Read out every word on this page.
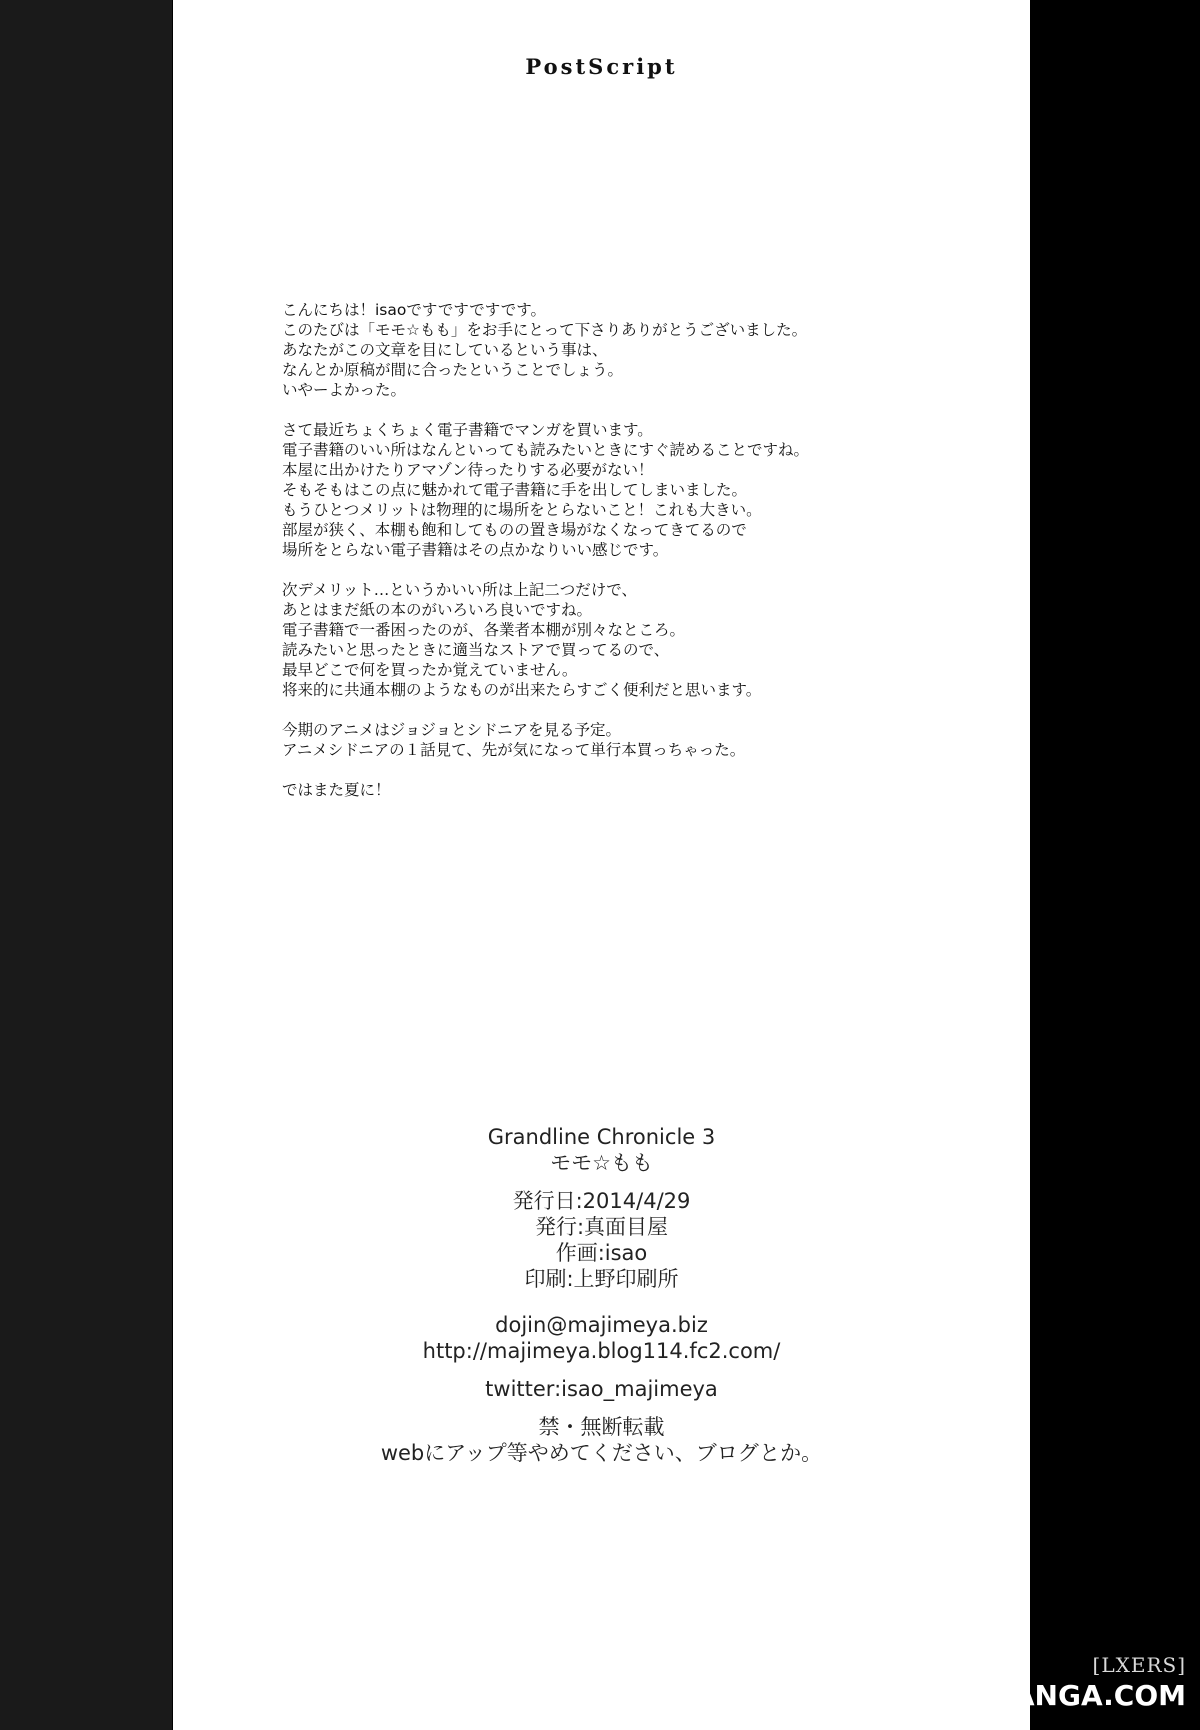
PostScript

こんにちは！isaoですですですです。
このたびは「モモ☆もも」をお手にとって下さりありがとうございました。
あなたがこの文章を目にしているという事は、
なんとか原稿が間に合ったということでしょう。
いやーよかった。

さて最近ちょくちょく電子書籍でマンガを買います。
電子書籍のいい所はなんといっても読みたいときにすぐ読めることですね。
本屋に出かけたりアマゾン待ったりする必要がない！
そもそもはこの点に魅かれて電子書籍に手を出してしまいました。
もうひとつメリットは物理的に場所をとらないこと！これも大きい。
部屋が狭く、本棚も飽和してものの置き場がなくなってきてるので
場所をとらない電子書籍はその点かなりいい感じです。

次デメリット…というかいい所は上記二つだけで、
あとはまだ紙の本のがいろいろ良いですね。
電子書籍で一番困ったのが、各業者本棚が別々なところ。
読みたいと思ったときに適当なストアで買ってるので、
最早どこで何を買ったか覚えていません。
将来的に共通本棚のようなものが出来たらすごく便利だと思います。

今期のアニメはジョジョとシドニアを見る予定。
アニメシドニアの１話見て、先が気になって単行本買っちゃった。

ではまた夏に！

Grandline Chronicle 3
モモ☆もも
発行日:2014/4/29
発行:真面目屋
作画:isao
印刷:上野印刷所
dojin@majimeya.biz
http://majimeya.blog114.fc2.com/
twitter:isao_majimeya
禁・無断転載
webにアップ等やめてください、ブログとか。
[LXERS]
LXMANGA.COM
